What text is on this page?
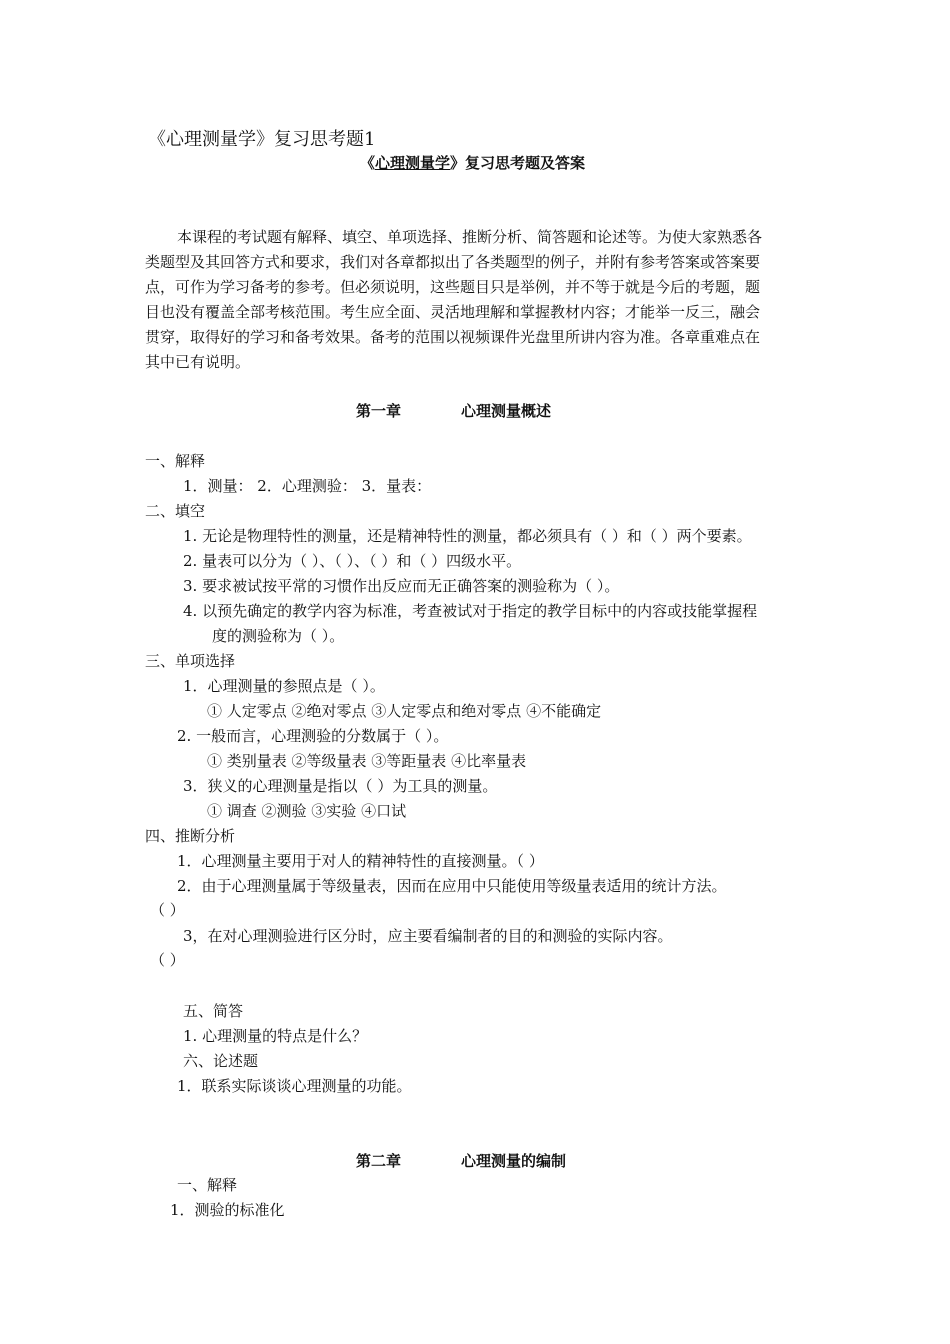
《心理测量学》复习思考题1
《心理测量学》复习思考题及答案
本课程的考试题有解释、填空、单项选择、推断分析、简答题和论述等。为使大家熟悉各
类题型及其回答方式和要求，我们对各章都拟出了各类题型的例子，并附有参考答案或答案要
点，可作为学习备考的参考。但必须说明，这些题目只是举例，并不等于就是今后的考题，题
目也没有覆盖全部考核范围。考生应全面、灵活地理解和掌握教材内容；才能举一反三，融会
贯穿，取得好的学习和备考效果。备考的范围以视频课件光盘里所讲内容为准。各章重难点在
其中已有说明。
第一章	心理测量概述
一、解释
1．测量： 2．心理测验： 3．量表：
二、填空
1. 无论是物理特性的测量，还是精神特性的测量，都必须具有（ ）和（ ）两个要素。
2. 量表可以分为（ ）、（ ）、（ ）和（ ）四级水平。
3. 要求被试按平常的习惯作出反应而无正确答案的测验称为（ ）。
4. 以预先确定的教学内容为标准，考查被试对于指定的教学目标中的内容或技能掌握程
度的测验称为（ ）。
三、单项选择
1．心理测量的参照点是（ ）。
① 人定零点 ②绝对零点 ③人定零点和绝对零点 ④不能确定
2. 一般而言，心理测验的分数属于（ ）。
① 类别量表 ②等级量表 ③等距量表 ④比率量表
3．狭义的心理测量是指以（ ）为工具的测量。
① 调查 ②测验 ③实验 ④口试
四、推断分析
1．心理测量主要用于对人的精神特性的直接测量。（ ）
2．由于心理测量属于等级量表，因而在应用中只能使用等级量表适用的统计方法。
（ ）
3，在对心理测验进行区分时，应主要看编制者的目的和测验的实际内容。
（ ）
五、简答
1. 心理测量的特点是什么？
六、论述题
1．联系实际谈谈心理测量的功能。
第二章	心理测量的编制
一、解释
1．测验的标准化
